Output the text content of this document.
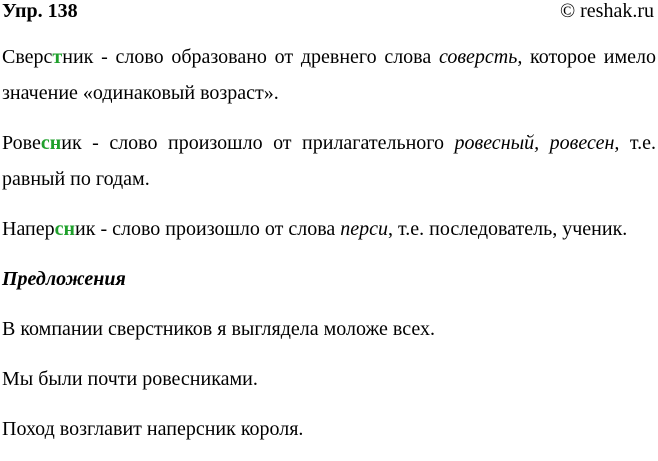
Упр. 138	© reshak.ru

Сверстник - слово образовано от древнего слова соверсть, которое имело значение «одинаковый возраст».

Ровесник - слово произошло от прилагательного ровесный, ровесен, т.е. равный по годам.

Наперсник - слово произошло от слова перси, т.е. последователь, ученик.

Предложения

В компании сверстников я выглядела моложе всех.

Мы были почти ровесниками.

Поход возглавит наперсник короля.
